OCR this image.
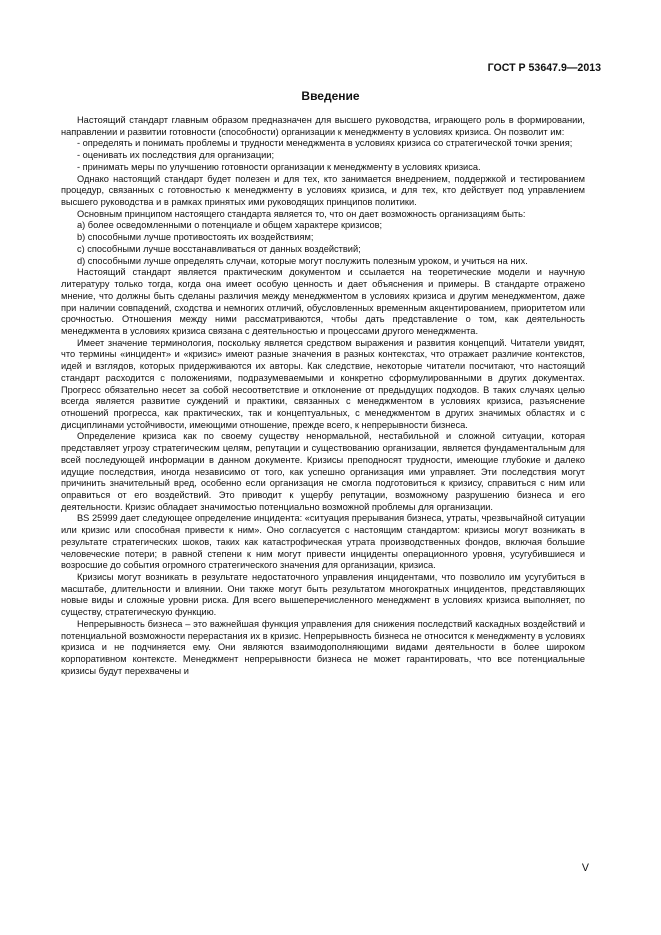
ГОСТ Р 53647.9—2013
Введение

Настоящий стандарт главным образом предназначен для высшего руководства, играющего роль в формировании, направлении и развитии готовности (способности) организации к менеджменту в условиях кризиса. Он позволит им:

- определять и понимать проблемы и трудности менеджмента в условиях кризиса со стратегической точки зрения;

- оценивать их последствия для организации;

- принимать меры по улучшению готовности организации к менеджменту в условиях кризиса.

Однако настоящий стандарт будет полезен и для тех, кто занимается внедрением, поддержкой и тестированием процедур, связанных с готовностью к менеджменту в условиях кризиса, и для тех, кто действует под управлением высшего руководства и в рамках принятых ими руководящих принципов политики.

Основным принципом настоящего стандарта является то, что он дает возможность организациям быть:

a) более осведомленными о потенциале и общем характере кризисов;

b) способными лучше противостоять их воздействиям;

c) способными лучше восстанавливаться от данных воздействий;

d) способными лучше определять случаи, которые могут послужить полезным уроком, и учиться на них.

Настоящий стандарт является практическим документом и ссылается на теоретические модели и научную литературу только тогда, когда она имеет особую ценность и дает объяснения и примеры. В стандарте отражено мнение, что должны быть сделаны различия между менеджментом в условиях кризиса и другим менеджментом, даже при наличии совпадений, сходства и немногих отличий, обусловленных временным акцентированием, приоритетом или срочностью. Отношения между ними рассматриваются, чтобы дать представление о том, как деятельность менеджмента в условиях кризиса связана с деятельностью и процессами другого менеджмента.

Имеет значение терминология, поскольку является средством выражения и развития концепций. Читатели увидят, что термины «инцидент» и «кризис» имеют разные значения в разных контекстах, что отражает различие контекстов, идей и взглядов, которых придерживаются их авторы. Как следствие, некоторые читатели посчитают, что настоящий стандарт расходится с положениями, подразумеваемыми и конкретно сформулированными в других документах. Прогресс обязательно несет за собой несоответствие и отклонение от предыдущих подходов. В таких случаях целью всегда является развитие суждений и практики, связанных с менеджментом в условиях кризиса, разъяснение отношений прогресса, как практических, так и концептуальных, с менеджментом в других значимых областях и с дисциплинами устойчивости, имеющими отношение, прежде всего, к непрерывности бизнеса.

Определение кризиса как по своему существу ненормальной, нестабильной и сложной ситуации, которая представляет угрозу стратегическим целям, репутации и существованию организации, является фундаментальным для всей последующей информации в данном документе. Кризисы преподносят трудности, имеющие глубокие и далеко идущие последствия, иногда независимо от того, как успешно организация ими управляет. Эти последствия могут причинить значительный вред, особенно если организация не смогла подготовиться к кризису, справиться с ним или оправиться от его воздействий. Это приводит к ущербу репутации, возможному разрушению бизнеса и его деятельности. Кризис обладает значимостью потенциально возможной проблемы для организации.

BS 25999 дает следующее определение инцидента: «ситуация прерывания бизнеса, утраты, чрезвычайной ситуации или кризис или способная привести к ним». Оно согласуется с настоящим стандартом: кризисы могут возникать в результате стратегических шоков, таких как катастрофическая утрата производственных фондов, включая большие человеческие потери; в равной степени к ним могут привести инциденты операционного уровня, усугубившиеся и возросшие до события огромного стратегического значения для организации, кризиса.

Кризисы могут возникать в результате недостаточного управления инцидентами, что позволило им усугубиться в масштабе, длительности и влиянии. Они также могут быть результатом многократных инцидентов, представляющих новые виды и сложные уровни риска. Для всего вышеперечисленного менеджмент в условиях кризиса выполняет, по существу, стратегическую функцию.

Непрерывность бизнеса – это важнейшая функция управления для снижения последствий каскадных воздействий и потенциальной возможности перерастания их в кризис. Непрерывность бизнеса не относится к менеджменту в условиях кризиса и не подчиняется ему. Они являются взаимодополняющими видами деятельности в более широком корпоративном контексте. Менеджмент непрерывности бизнеса не может гарантировать, что все потенциальные кризисы будут перехвачены и

V
